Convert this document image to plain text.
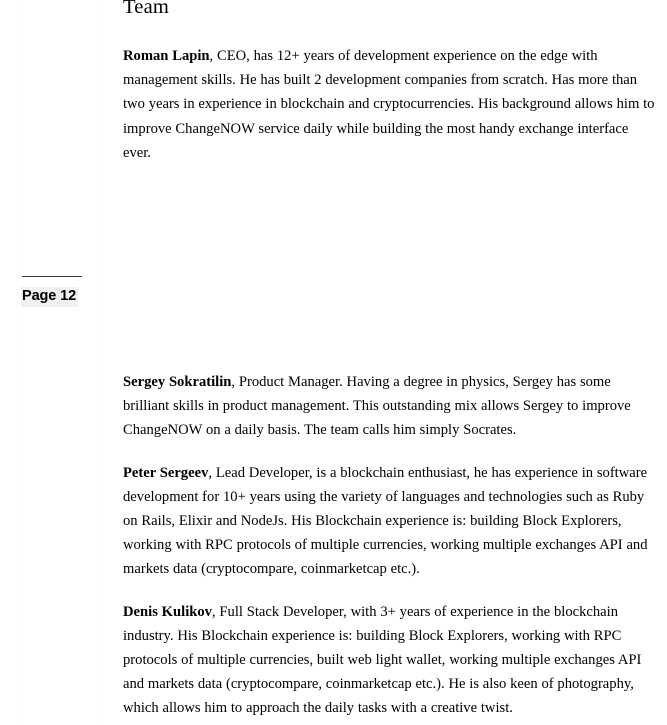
Team

Roman Lapin, CEO, has 12+ years of development experience on the edge with management skills. He has built 2 development companies from scratch. Has more than two years in experience in blockchain and cryptocurrencies. His background allows him to improve ChangeNOW service daily while building the most handy exchange interface ever.

Page 12

Sergey Sokratilin, Product Manager. Having a degree in physics, Sergey has some brilliant skills in product management. This outstanding mix allows Sergey to improve ChangeNOW on a daily basis. The team calls him simply Socrates.

Peter Sergeev, Lead Developer, is a blockchain enthusiast, he has experience in software development for 10+ years using the variety of languages and technologies such as Ruby on Rails, Elixir and NodeJs. His Blockchain experience is: building Block Explorers, working with RPC protocols of multiple currencies, working multiple exchanges API and markets data (cryptocompare, coinmarketcap etc.).

Denis Kulikov, Full Stack Developer, with 3+ years of experience in the blockchain industry. His Blockchain experience is: building Block Explorers, working with RPC protocols of multiple currencies, built web light wallet, working multiple exchanges API and markets data (cryptocompare, coinmarketcap etc.). He is also keen of photography, which allows him to approach the daily tasks with a creative twist.
